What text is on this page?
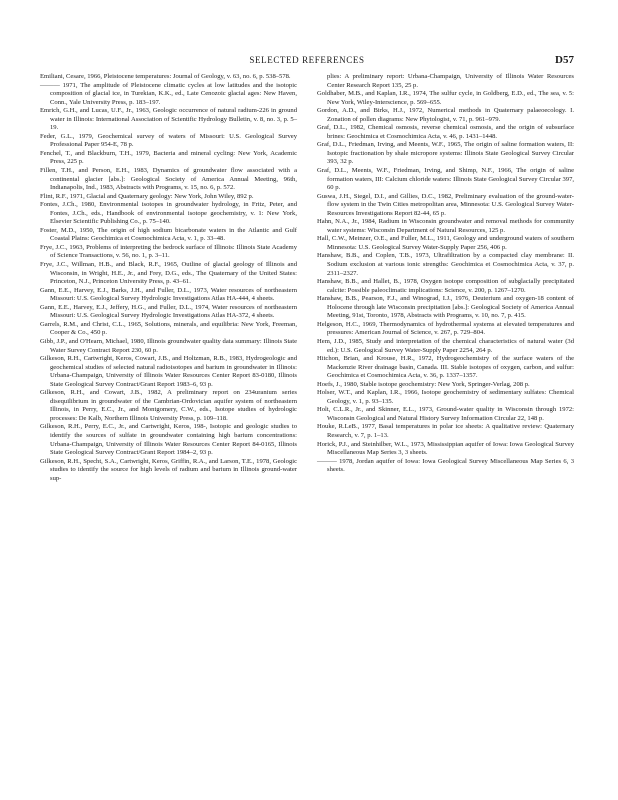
SELECTED REFERENCES	D57

Emiliani, Cesare, 1966, Pleistocene temperatures: Journal of Geology, v. 63, no. 6, p. 538–578.

——— 1971, The amplitude of Pleistocene climatic cycles at low latitudes and the isotopic composition of glacial ice, in Turekian, K.K., ed., Late Cenozoic glacial ages: New Haven, Conn., Yale University Press, p. 183–197.

Emrich, G.H., and Lucas, U.F., Jr., 1963, Geologic occurrence of natural radium-226 in ground water in Illinois: International Association of Scientific Hydrology Bulletin, v. 8, no. 3, p. 5–19.

Feder, G.L., 1979, Geochemical survey of waters of Missouri: U.S. Geological Survey Professional Paper 954-E, 78 p.

Fenchel, T., and Blackburn, T.H., 1979, Bacteria and mineral cycling: New York, Academic Press, 225 p.

Fillen, T.H., and Person, E.H., 1983, Dynamics of groundwater flow associated with a continental glacier [abs.]: Geological Society of America Annual Meeting, 96th, Indianapolis, Ind., 1983, Abstracts with Programs, v. 15, no. 6, p. 572.

Flint, R.F., 1971, Glacial and Quaternary geology: New York, John Wiley, 892 p.

Fontes, J.Ch., 1980, Environmental isotopes in groundwater hydrology, in Fritz, Peter, and Fontes, J.Ch., eds., Handbook of environmental isotope geochemistry, v. 1: New York, Elsevier Scientific Publishing Co., p. 75–140.

Foster, M.D., 1950, The origin of high sodium bicarbonate waters in the Atlantic and Gulf Coastal Plains: Geochimica et Cosmochimica Acta, v. 1, p. 33–48.

Frye, J.C., 1963, Problems of interpreting the bedrock surface of Illinois: Illinois State Academy of Science Transactions, v. 56, no. 1, p. 3–11.

Frye, J.C., Willman, H.B., and Black, R.F., 1965, Outline of glacial geology of Illinois and Wisconsin, in Wright, H.E., Jr., and Frey, D.G., eds., The Quaternary of the United States: Princeton, N.J., Princeton University Press, p. 43–61.

Gann, E.E., Harvey, E.J., Barks, J.H., and Fuller, D.L., 1973, Water resources of northeastern Missouri: U.S. Geological Survey Hydrologic Investigations Atlas HA-444, 4 sheets.

Gann, E.E., Harvey, E.J., Jeffery, H.G., and Fuller, D.L., 1974, Water resources of northeastern Missouri: U.S. Geological Survey Hydrologic Investigations Atlas HA-372, 4 sheets.

Garrels, R.M., and Christ, C.L., 1965, Solutions, minerals, and equilibria: New York, Freeman, Cooper & Co., 450 p.

Gibb, J.P., and O'Hearn, Michael, 1980, Illinois groundwater quality data summary: Illinois State Water Survey Contract Report 230, 60 p.

Gilkeson, R.H., Cartwright, Keros, Cowart, J.B., and Holtzman, R.B., 1983, Hydrogeologic and geochemical studies of selected natural radioisotopes and barium in groundwater in Illinois: Urbana-Champaign, University of Illinois Water Resources Center Report 83-0180, Illinois State Geological Survey Contract/Grant Report 1983–6, 93 p.

Gilkeson, R.H., and Cowart, J.B., 1982, A preliminary report on 234uranium series disequilibrium in groundwater of the Cambrian-Ordovician aquifer system of northeastern Illinois, in Perry, E.C., Jr., and Montgomery, C.W., eds., Isotope studies of hydrologic processes: De Kalb, Northern Illinois University Press, p. 109–118.

Gilkeson, R.H., Perry, E.C., Jr., and Cartwright, Keros, 198-, Isotopic and geologic studies to identify the sources of sulfate in groundwater containing high barium concentrations: Urbana-Champaign, University of Illinois Water Resources Center Report 84-0165, Illinois State Geological Survey Contract/Grant Report 1984–2, 93 p.

Gilkeson, R.H., Specht, S.A., Cartwright, Keros, Griffin, R.A., and Larson, T.E., 1978, Geologic studies to identify the source for high levels of radium and barium in Illinois ground-water sup-

plies: A preliminary report: Urbana-Champaign, University of Illinois Water Resources Center Research Report 135, 25 p.

Goldhaber, M.B., and Kaplan, I.R., 1974, The sulfur cycle, in Goldberg, E.D., ed., The sea, v. 5: New York, Wiley-Interscience, p. 569–655.

Gordon, A.D., and Birks, H.J., 1972, Numerical methods in Quaternary palaeoecology. I. Zonation of pollen diagrams: New Phytologist, v. 71, p. 961–979.

Graf, D.L., 1982, Chemical osmosis, reverse chemical osmosis, and the origin of subsurface brines: Geochimica et Cosmochimica Acta, v. 46, p. 1431–1448.

Graf, D.L., Friedman, Irving, and Meents, W.F., 1965, The origin of saline formation waters, II: Isotopic fractionation by shale micropore systems: Illinois State Geological Survey Circular 393, 32 p.

Graf, D.L., Meents, W.F., Friedman, Irving, and Shimp, N.F., 1966, The origin of saline formation waters, III: Calcium chloride waters: Illinois State Geological Survey Circular 397, 60 p.

Guswa, J.H., Siegel, D.I., and Gillies, D.C., 1982, Preliminary evaluation of the ground-water-flow system in the Twin Cities metropolitan area, Minnesota: U.S. Geological Survey Water-Resources Investigations Report 82-44, 65 p.

Hahn, N.A., Jr., 1984, Radium in Wisconsin groundwater and removal methods for community water systems: Wisconsin Department of Natural Resources, 125 p.

Hall, C.W., Meinzer, O.E., and Fuller, M.L., 1911, Geology and underground waters of southern Minnesota: U.S. Geological Survey Water-Supply Paper 256, 406 p.

Hanshaw, B.B., and Coplen, T.B., 1973, Ultrafiltration by a compacted clay membrane: II. Sodium exclusion at various ionic strengths: Geochimica et Cosmochimica Acta, v. 37, p. 2311–2327.

Hanshaw, B.B., and Hallet, B., 1978, Oxygen isotope composition of subglacially precipitated calcite: Possible paleoclimatic implications: Science, v. 200, p. 1267–1270.

Hanshaw, B.B., Pearson, F.J., and Winograd, I.J., 1976, Deuterium and oxygen-18 content of Holocene through late Wisconsin precipitation [abs.]: Geological Society of America Annual Meeting, 91st, Toronto, 1978, Abstracts with Programs, v. 10, no. 7, p. 415.

Helgeson, H.C., 1969, Thermodynamics of hydrothermal systems at elevated temperatures and pressures: American Journal of Science, v. 267, p. 729–804.

Hem, J.D., 1985, Study and interpretation of the chemical characteristics of natural water (3d ed.): U.S. Geological Survey Water-Supply Paper 2254, 264 p.

Hitchon, Brian, and Krouse, H.R., 1972, Hydrogeochemistry of the surface waters of the Mackenzie River drainage basin, Canada. III. Stable isotopes of oxygen, carbon, and sulfur: Geochimica et Cosmochimica Acta, v. 36, p. 1337–1357.

Hoefs, J., 1980, Stable isotope geochemistry: New York, Springer-Verlag, 208 p.

Holser, W.T., and Kaplan, I.R., 1966, Isotope geochemistry of sedimentary sulfates: Chemical Geology, v. 1, p. 93–135.

Holt, C.L.R., Jr., and Skinner, E.L., 1973, Ground-water quality in Wisconsin through 1972: Wisconsin Geological and Natural History Survey Information Circular 22, 148 p.

Houke, R.LeB., 1977, Basal temperatures in polar ice sheets: A qualitative review: Quaternary Research, v. 7, p. 1–13.

Horick, P.J., and Steinhilber, W.L., 1973, Mississippian aquifer of Iowa: Iowa Geological Survey Miscellaneous Map Series 3, 3 sheets.

——— 1978, Jordan aquifer of Iowa: Iowa Geological Survey Miscellaneous Map Series 6, 3 sheets.
